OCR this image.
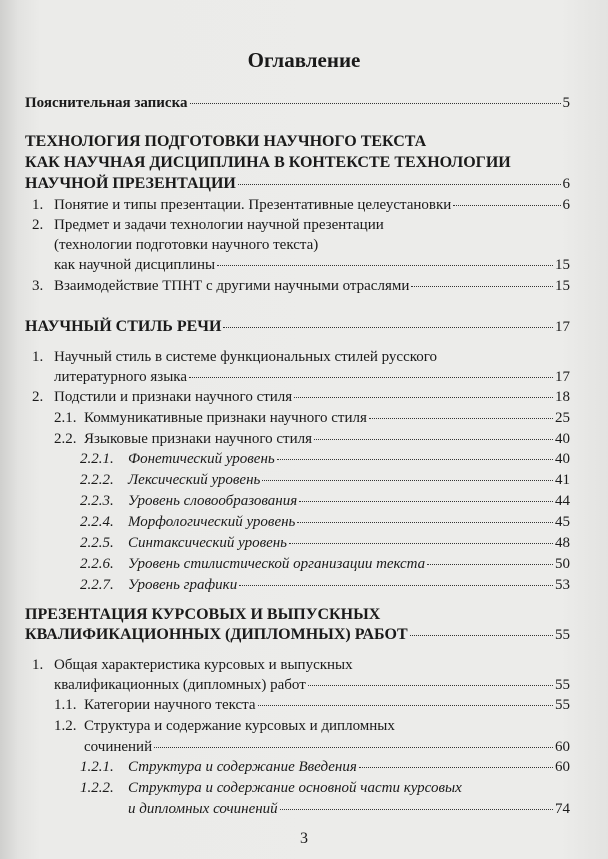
Оглавление
Пояснительная записка	5
ТЕХНОЛОГИЯ ПОДГОТОВКИ НАУЧНОГО ТЕКСТА
КАК НАУЧНАЯ ДИСЦИПЛИНА В КОНТЕКСТЕ ТЕХНОЛОГИИ
НАУЧНОЙ ПРЕЗЕНТАЦИИ	6
1. Понятие и типы презентации. Презентативные целеустановки	6
2. Предмет и задачи технологии научной презентации
(технологии подготовки научного текста)
как научной дисциплины	15
3. Взаимодействие ТПНТ с другими научными отраслями	15
НАУЧНЫЙ СТИЛЬ РЕЧИ	17
1. Научный стиль в системе функциональных стилей русского
литературного языка	17
2. Подстили и признаки научного стиля	18
2.1. Коммуникативные признаки научного стиля	25
2.2. Языковые признаки научного стиля	40
2.2.1. Фонетический уровень	40
2.2.2. Лексический уровень	41
2.2.3. Уровень словообразования	44
2.2.4. Морфологический уровень	45
2.2.5. Синтаксический уровень	48
2.2.6. Уровень стилистической организации текста	50
2.2.7. Уровень графики	53
ПРЕЗЕНТАЦИЯ КУРСОВЫХ И ВЫПУСКНЫХ
КВАЛИФИКАЦИОННЫХ (ДИПЛОМНЫХ) РАБОТ	55
1. Общая характеристика курсовых и выпускных
квалификационных (дипломных) работ	55
1.1. Категории научного текста	55
1.2. Структура и содержание курсовых и дипломных
сочинений	60
1.2.1. Структура и содержание Введения	60
1.2.2. Структура и содержание основной части курсовых
и дипломных сочинений	74
3
